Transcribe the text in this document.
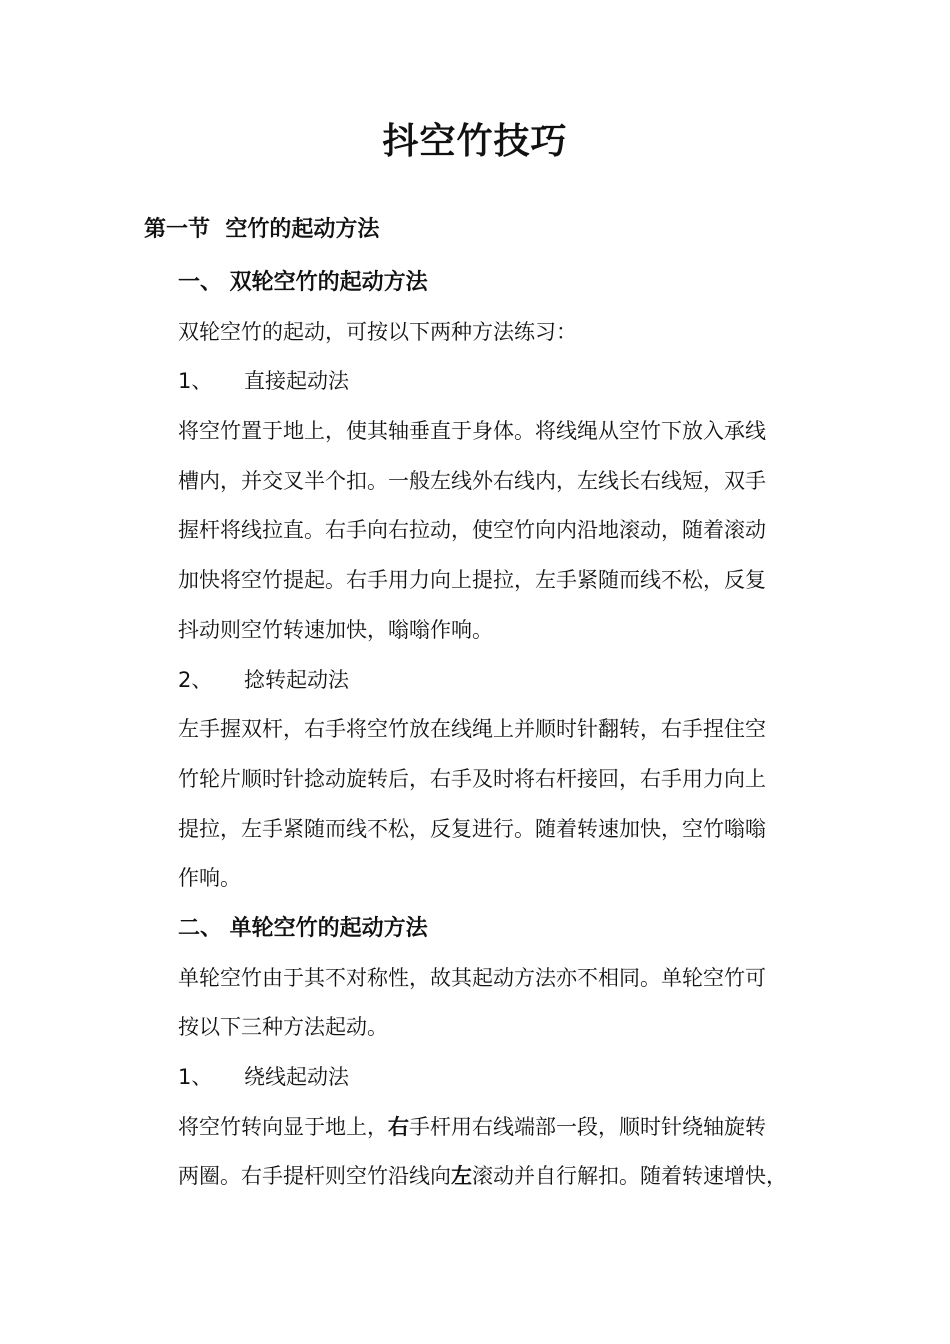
抖空竹技巧
第一节  空竹的起动方法

一、 双轮空竹的起动方法

双轮空竹的起动，可按以下两种方法练习：

1、 直接起动法

将空竹置于地上，使其轴垂直于身体。将线绳从空竹下放入承线

槽内，并交叉半个扣。一般左线外右线内，左线长右线短，双手

握杆将线拉直。右手向右拉动，使空竹向内沿地滚动，随着滚动

加快将空竹提起。右手用力向上提拉，左手紧随而线不松，反复

抖动则空竹转速加快，嗡嗡作响。

2、 捻转起动法

左手握双杆，右手将空竹放在线绳上并顺时针翻转，右手捏住空

竹轮片顺时针捻动旋转后，右手及时将右杆接回，右手用力向上

提拉，左手紧随而线不松，反复进行。随着转速加快，空竹嗡嗡

作响。

二、 单轮空竹的起动方法

单轮空竹由于其不对称性，故其起动方法亦不相同。单轮空竹可

按以下三种方法起动。

1、 绕线起动法

将空竹转向显于地上，右手杆用右线端部一段，顺时针绕轴旋转

两圈。右手提杆则空竹沿线向左滚动并自行解扣。随着转速增快，
